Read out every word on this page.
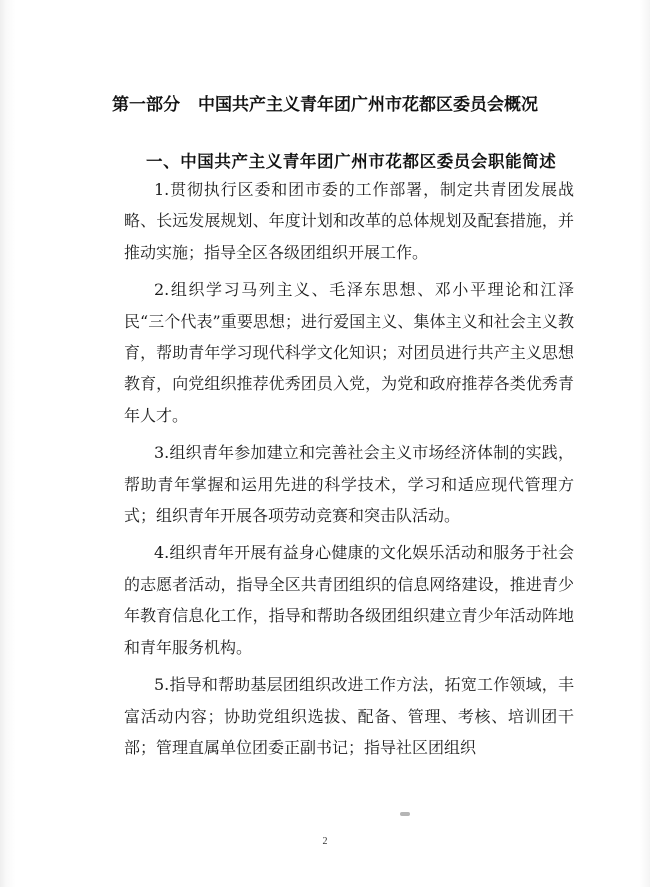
第一部分 中国共产主义青年团广州市花都区委员会概况
一、中国共产主义青年团广州市花都区委员会职能简述

1.贯彻执行区委和团市委的工作部署，制定共青团发展战略、长远发展规划、年度计划和改革的总体规划及配套措施，并推动实施；指导全区各级团组织开展工作。

2.组织学习马列主义、毛泽东思想、邓小平理论和江泽民“三个代表”重要思想；进行爱国主义、集体主义和社会主义教育，帮助青年学习现代科学文化知识；对团员进行共产主义思想教育，向党组织推荐优秀团员入党，为党和政府推荐各类优秀青年人才。

3.组织青年参加建立和完善社会主义市场经济体制的实践，帮助青年掌握和运用先进的科学技术，学习和适应现代管理方式；组织青年开展各项劳动竞赛和突击队活动。

4.组织青年开展有益身心健康的文化娱乐活动和服务于社会的志愿者活动，指导全区共青团组织的信息网络建设，推进青少年教育信息化工作，指导和帮助各级团组织建立青少年活动阵地和青年服务机构。

5.指导和帮助基层团组织改进工作方法，拓宽工作领域，丰富活动内容；协助党组织选拔、配备、管理、考核、培训团干部；管理直属单位团委正副书记；指导社区团组织

2
